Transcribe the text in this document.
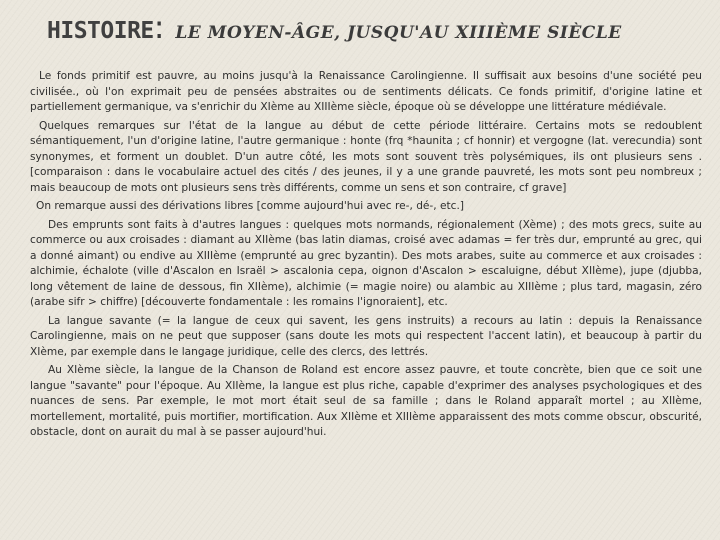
HISTOIRE: LE MOYEN-ÂGE, JUSQU'AU XIIIÈME SIÈCLE

Le fonds primitif est pauvre, au moins jusqu'à la Renaissance Carolingienne. Il suffisait aux besoins d'une société peu civilisée., où l'on exprimait peu de pensées abstraites ou de sentiments délicats. Ce fonds primitif, d'origine latine et partiellement germanique, va s'enrichir du XIème au XIIIème siècle, époque où se développe une littérature médiévale.

Quelques remarques sur l'état de la langue au début de cette période littéraire. Certains mots se redoublent sémantiquement, l'un d'origine latine, l'autre germanique : honte (frq *haunita ; cf honnir) et vergogne (lat. verecundia) sont synonymes, et forment un doublet. D'un autre côté, les mots sont souvent très polysémiques, ils ont plusieurs sens . [comparaison : dans le vocabulaire actuel des cités / des jeunes, il y a une grande pauvreté, les mots sont peu nombreux ; mais beaucoup de mots ont plusieurs sens très différents, comme un sens et son contraire, cf grave]

On remarque aussi des dérivations libres [comme aujourd'hui avec re-, dé-, etc.]

Des emprunts sont faits à d'autres langues : quelques mots normands, régionalement (Xème) ; des mots grecs, suite au commerce ou aux croisades : diamant au XIIème (bas latin diamas, croisé avec adamas = fer très dur, emprunté au grec, qui a donné aimant) ou endive au XIIIème (emprunté au grec byzantin). Des mots arabes, suite au commerce et aux croisades : alchimie, échalote (ville d'Ascalon en Israël > ascalonia cepa, oignon d'Ascalon > escaluigne, début XIIème), jupe (djubba, long vêtement de laine de dessous, fin XIIème), alchimie (= magie noire) ou alambic au XIIIème ; plus tard, magasin, zéro (arabe sifr > chiffre) [découverte fondamentale : les romains l'ignoraient], etc.

La langue savante (= la langue de ceux qui savent, les gens instruits) a recours au latin : depuis la Renaissance Carolingienne, mais on ne peut que supposer (sans doute les mots qui respectent l'accent latin), et beaucoup à partir du XIème, par exemple dans le langage juridique, celle des clercs, des lettrés.

Au XIème siècle, la langue de la Chanson de Roland est encore assez pauvre, et toute concrète, bien que ce soit une langue "savante" pour l'époque. Au XIIème, la langue est plus riche, capable d'exprimer des analyses psychologiques et des nuances de sens. Par exemple, le mot mort était seul de sa famille ; dans le Roland apparaît mortel ; au XIIème, mortellement, mortalité, puis mortifier, mortification. Aux XIIème et XIIIème apparaissent des mots comme obscur, obscurité, obstacle, dont on aurait du mal à se passer aujourd'hui.
